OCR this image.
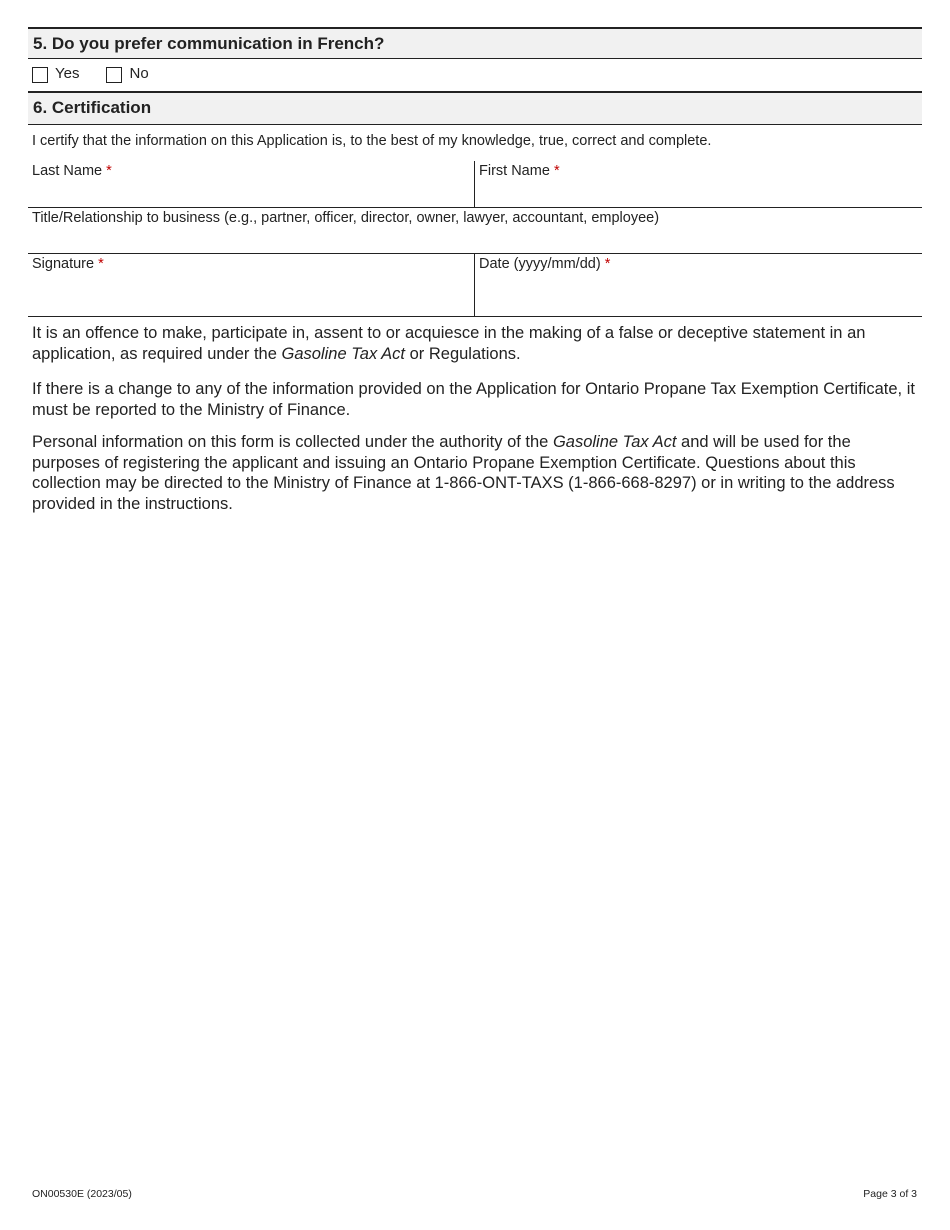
5. Do you prefer communication in French?
Yes	No
6. Certification
I certify that the information on this Application is, to the best of my knowledge, true, correct and complete.
Last Name *	First Name *
Title/Relationship to business (e.g., partner, officer, director, owner, lawyer, accountant, employee)
Signature *	Date (yyyy/mm/dd) *

It is an offence to make, participate in, assent to or acquiesce in the making of a false or deceptive statement in an application, as required under the Gasoline Tax Act or Regulations.

If there is a change to any of the information provided on the Application for Ontario Propane Tax Exemption Certificate, it must be reported to the Ministry of Finance.

Personal information on this form is collected under the authority of the Gasoline Tax Act and will be used for the purposes of registering the applicant and issuing an Ontario Propane Exemption Certificate. Questions about this collection may be directed to the Ministry of Finance at 1-866-ONT-TAXS (1-866-668-8297) or in writing to the address provided in the instructions.

ON00530E (2023/05)	Page 3 of 3
